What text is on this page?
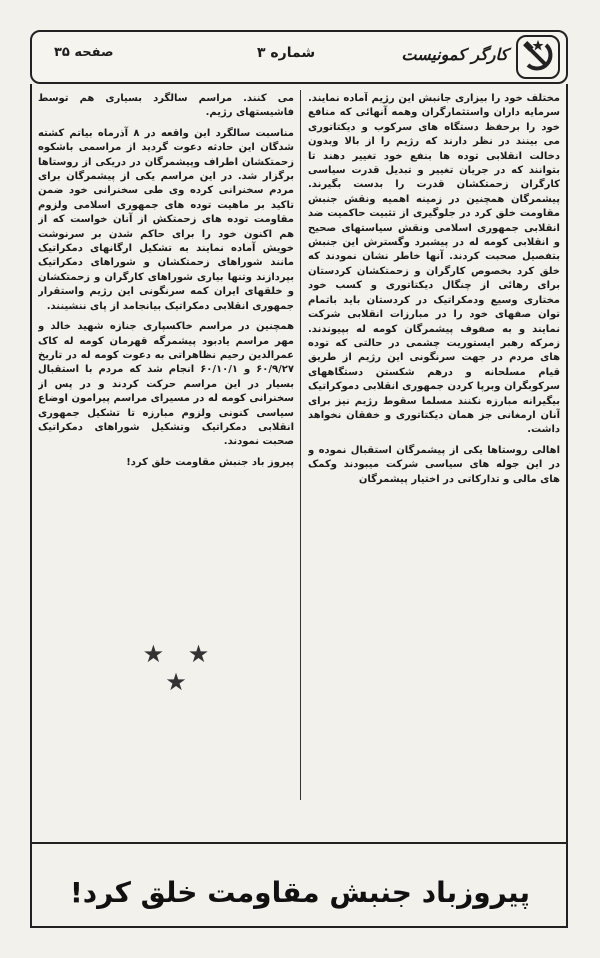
کارگر کمونیست
شماره ۳
صفحه ۳۵

مختلف خود را بیزاری جانبش این رژیم آماده نمایند. سرمایه داران واستثمارگران وهمه آنهائی که منافع خود را برحفظ دستگاه های سرکوب و دیکتاتوری می بینند در نظر دارند که رژیم را از بالا وبدون دخالت انقلابی توده ها بنفع خود تغییر دهند تا بتوانند که در جریان تغییر و تبدیل قدرت سیاسی کارگران زحمتکشان قدرت را بدست بگیرند. پیشمرگان همچنین در زمینه اهمیه ونقش جنبش مقاومت خلق کرد در جلوگیری از تثبیت حاکمیت ضد انقلابی جمهوری اسلامی ونقش سیاستهای صحیح و انقلابی کومه له در پیشبرد وگسترش این جنبش بتفصیل صحبت کردند. آنها خاطر نشان نمودند که خلق کرد بخصوص کارگران و زحمتکشان کردستان برای رهائی از چنگال دیکتاتوری و کسب خود مختاری وسیع ودمکراتیک در کردستان باید باتمام توان صفهای خود را در مبارزات انقلابی شرکت نمایند و به صفوف پیشمرگان کومه له بپیوندند. زمرکه رهبر ایستوریت چشمی در حالتی که توده های مردم در جهت سرنگونی این رژیم از طریق قیام مسلحانه و درهم شکستن دستگاههای سرکوبگران وبرپا کردن جمهوری انقلابی دموکراتیک بیگیرانه مبارزه نکنند مسلما سقوط رژیم نیز برای آنان ارمغانی جز همان دیکتاتوری و خفقان نخواهد داشت.

اهالی روستاها یکی از پیشمرگان استقبال نموده و در این جوله های سیاسی شرکت میبودند وکمک های مالی و تدارکاتی در اختیار پیشمرگان

می کنند. مراسم سالگرد بسیاری هم توسط فاشیستهای رژیم.

مناسبت سالگرد این واقعه در ۸ آذرماه بیاتم کشته شدگان این حادثه دعوت گردید از مراسمی باشکوه زحمتکشان اطراف وپیشمرگان در دریکی از روستاها برگزار شد. در این مراسم یکی از پیشمرگان برای مردم سخنرانی کرده وی طی سخنرانی خود ضمن تاکید بر ماهیت توده های جمهوری اسلامی ولزوم مقاومت توده های زحمتکش از آنان خواست که از هم اکنون خود را برای حاکم شدن بر سرنوشت خویش آماده نمایند به تشکیل ارگانهای دمکراتیک مانند شوراهای زحمتکشان و شوراهای دمکراتیک بپردازند وتنها بیاری شوراهای کارگران و زحمتکشان و خلقهای ایران کمه سرنگونی این رژیم واستقرار جمهوری انقلابی دمکراتیک بیانجامد از پای ننشینند.

همچنین در مراسم خاکسپاری جنازه شهید خالد و مهر مراسم یادبود پیشمرگه قهرمان کومه له کاک عمرالدین رحیم نظاهراتی به دعوت کومه له در تاریخ ۶۰/۹/۲۷ و ۶۰/۱۰/۱ انجام شد که مردم با استقبال بسیار در این مراسم حرکت کردند و در پس از سخنرانی کومه له در مسیرای مراسم پیرامون اوضاع سیاسی کنونی ولزوم مبارزه تا تشکیل جمهوری انقلابی دمکراتیک وتشکیل شوراهای دمکراتیک صحبت نمودند.

پیروز باد جنبش مقاومت خلق کرد!

★ ★ ★
پیروزباد جنبش مقاومت خلق کرد!
